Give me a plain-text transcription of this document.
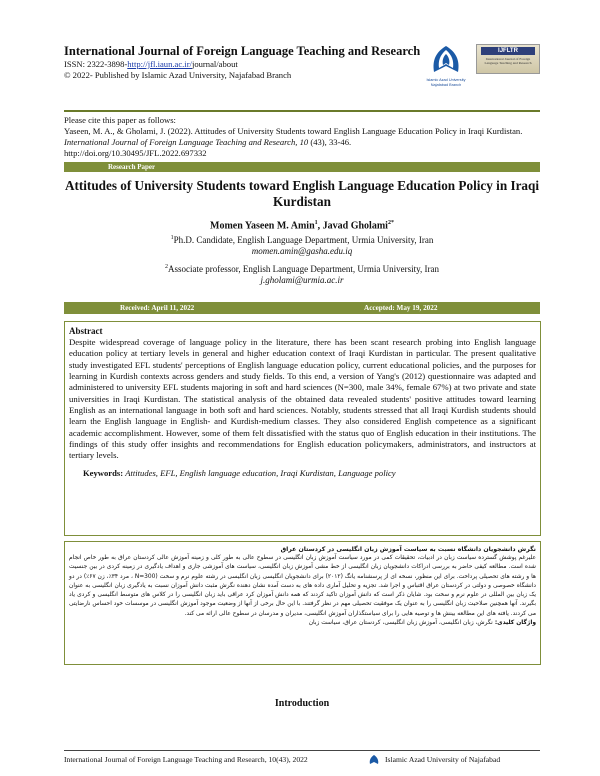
International Journal of Foreign Language Teaching and Research
ISSN: 2322-3898-http://jfl.iaun.ac.ir/journal/about
© 2022- Published by Islamic Azad University, Najafabad Branch	Islamic Azad University Najafabad Branch
IJFLTR
International Journal of Foreign Language Teaching and Research
Please cite this paper as follows:
Yaseen, M. A., & Gholami, J. (2022). Attitudes of University Students toward English Language Education Policy in Iraqi Kurdistan. International Journal of Foreign Language Teaching and Research, 10 (43), 33-46.
http://doi.org/10.30495/JFL.2022.697332
Research Paper
Attitudes of University Students toward English Language Education Policy in Iraqi Kurdistan
Momen Yaseen M. Amin$^1$, Javad Gholami$^{2*}$
$^1$Ph.D. Candidate, English Language Department, Urmia University, Iran
momen.amin@gasha.edu.iq
$^2$Associate professor, English Language Department, Urmia University, Iran
j.gholami@urmia.ac.ir
Received: April 11, 2022	Accepted: May 19, 2022
Abstract
Despite widespread coverage of language policy in the literature, there has been scant research probing into English language education policy at tertiary levels in general and higher education context of Iraqi Kurdistan in particular. The present qualitative study investigated EFL students' perceptions of English language education policy, current educational policies, and the purposes for learning in Kurdish contexts across genders and study fields. To this end, a version of Yang's (2012) questionnaire was adapted and administered to university EFL students majoring in soft and hard sciences (N=300, male 34%, female 67%) at two private and state universities in Iraqi Kurdistan. The statistical analysis of the obtained data revealed students' positive attitudes toward learning English as an international language in both soft and hard sciences. Notably, students stressed that all Iraqi Kurdish students should learn the English language in English- and Kurdish-medium classes. They also considered English competence as a significant academic accomplishment. However, some of them felt dissatisfied with the status quo of English education in their institutions. The findings of this study offer insights and recommendations for English education policymakers, administrators, and instructors at tertiary levels.
Keywords: Attitudes, EFL, English language education, Iraqi Kurdistan, Language policy
نگرش دانشجویان دانشگاه نسبت به سیاست آموزش زبان انگلیسی در کردستان عراق
علیرغم پوشش گسترده سیاست زبان در ادبیات، تحقیقات کمی در مورد سیاست آموزش زبان انگلیسی در سطوح عالی به طور کلی و زمینه آموزش عالی کردستان عراق به طور خاص انجام شده است. مطالعه کیفی حاضر به بررسی ادراکات دانشجویان زبان انگلیسی از خط مشی آموزش زبان انگلیسی، سیاست های آموزشی جاری و اهداف یادگیری در زمینه کردی در بین جنسیت ها و رشته های تحصیلی پرداخت. برای این منظور، نسخه ای از پرسشنامه یانگ (۲۰۱۲) برای دانشجویان انگلیسی زبان انگلیسی در رشته علوم نرم و سخت (N=300 ، مرد ۳۴٪، زن ۶۷٪) در دو دانشگاه خصوصی و دولتی در کردستان عراق اقتباس و اجرا شد. تجزیه و تحلیل آماری داده های به دست آمده نشان دهنده نگرش مثبت دانش آموزان نسبت به یادگیری زبان انگلیسی به عنوان یک زبان بین المللی در علوم نرم و سخت بود. شایان ذکر است که دانش آموزان تاکید کردند که همه دانش آموزان کرد عراقی باید زبان انگلیسی را در کلاس های متوسط انگلیسی و کردی یاد بگیرند. آنها همچنین صلاحیت زبان انگلیسی را به عنوان یک موفقیت تحصیلی مهم در نظر گرفتند. با این حال برخی از آنها از وضعیت موجود آموزش انگلیسی در موسسات خود احساس نارضایتی می کردند. یافته های این مطالعه بینش ها و توصیه هایی را برای سیاستگذاران آموزش انگلیسی، مدیران و مدرسان در سطوح عالی ارائه می کند.
واژگان کلیدی: نگرش، زبان انگلیسی، آموزش زبان انگلیسی، کردستان عراق، سیاست زبان
Introduction
International Journal of Foreign Language Teaching and Research, 10(43), 2022	Islamic Azad University of Najafabad
